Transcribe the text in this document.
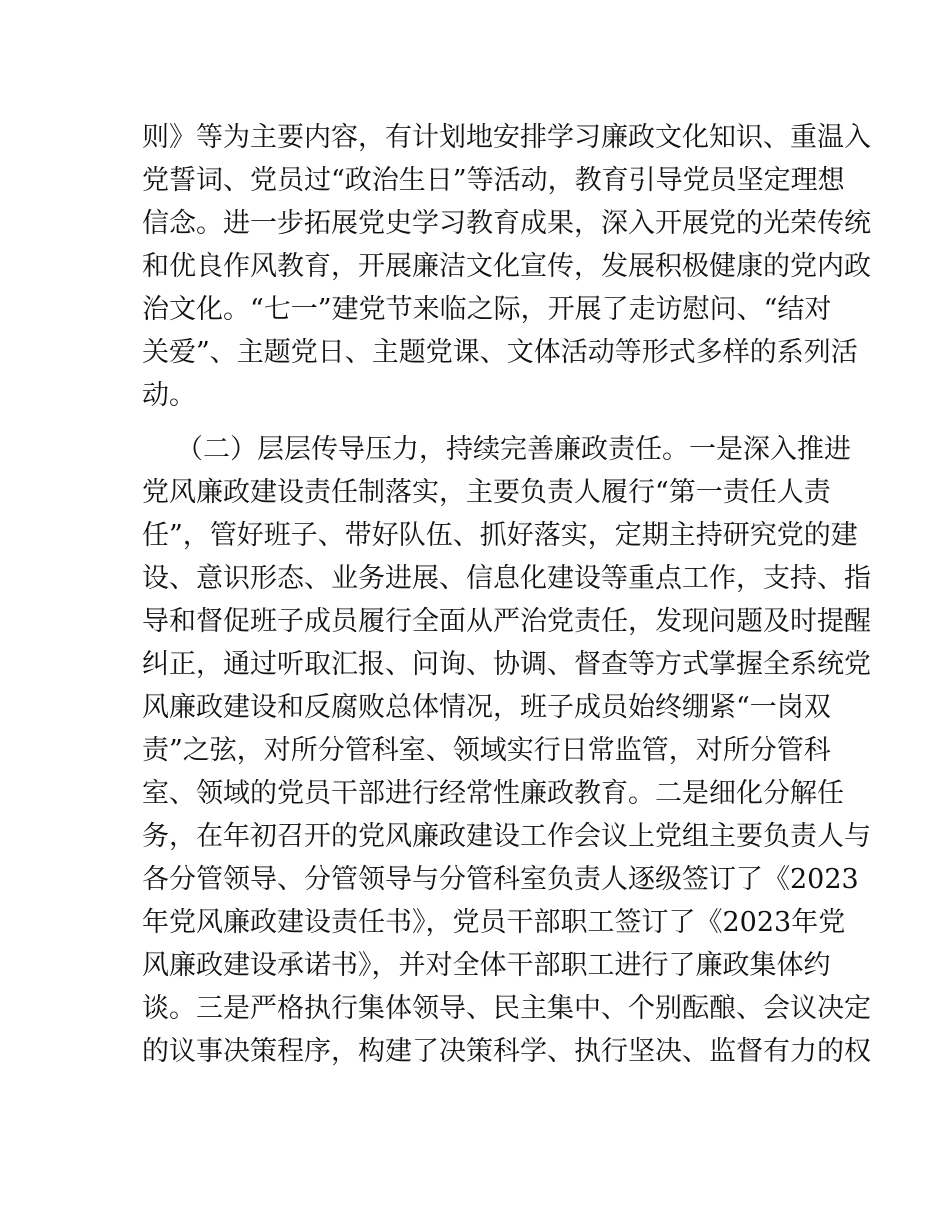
则》等为主要内容，有计划地安排学习廉政文化知识、重温入
党誓词、党员过“政治生日”等活动，教育引导党员坚定理想
信念。进一步拓展党史学习教育成果，深入开展党的光荣传统
和优良作风教育，开展廉洁文化宣传，发展积极健康的党内政
治文化。“七一”建党节来临之际，开展了走访慰问、“结对
关爱”、主题党日、主题党课、文体活动等形式多样的系列活
动。
（二）层层传导压力，持续完善廉政责任。一是深入推进
党风廉政建设责任制落实，主要负责人履行“第一责任人责
任”，管好班子、带好队伍、抓好落实，定期主持研究党的建
设、意识形态、业务进展、信息化建设等重点工作，支持、指
导和督促班子成员履行全面从严治党责任，发现问题及时提醒
纠正，通过听取汇报、问询、协调、督查等方式掌握全系统党
风廉政建设和反腐败总体情况，班子成员始终绷紧“一岗双
责”之弦，对所分管科室、领域实行日常监管，对所分管科
室、领域的党员干部进行经常性廉政教育。二是细化分解任
务，在年初召开的党风廉政建设工作会议上党组主要负责人与
各分管领导、分管领导与分管科室负责人逐级签订了《2023
年党风廉政建设责任书》，党员干部职工签订了《2023年党
风廉政建设承诺书》，并对全体干部职工进行了廉政集体约
谈。三是严格执行集体领导、民主集中、个别酝酿、会议决定
的议事决策程序，构建了决策科学、执行坚决、监督有力的权
